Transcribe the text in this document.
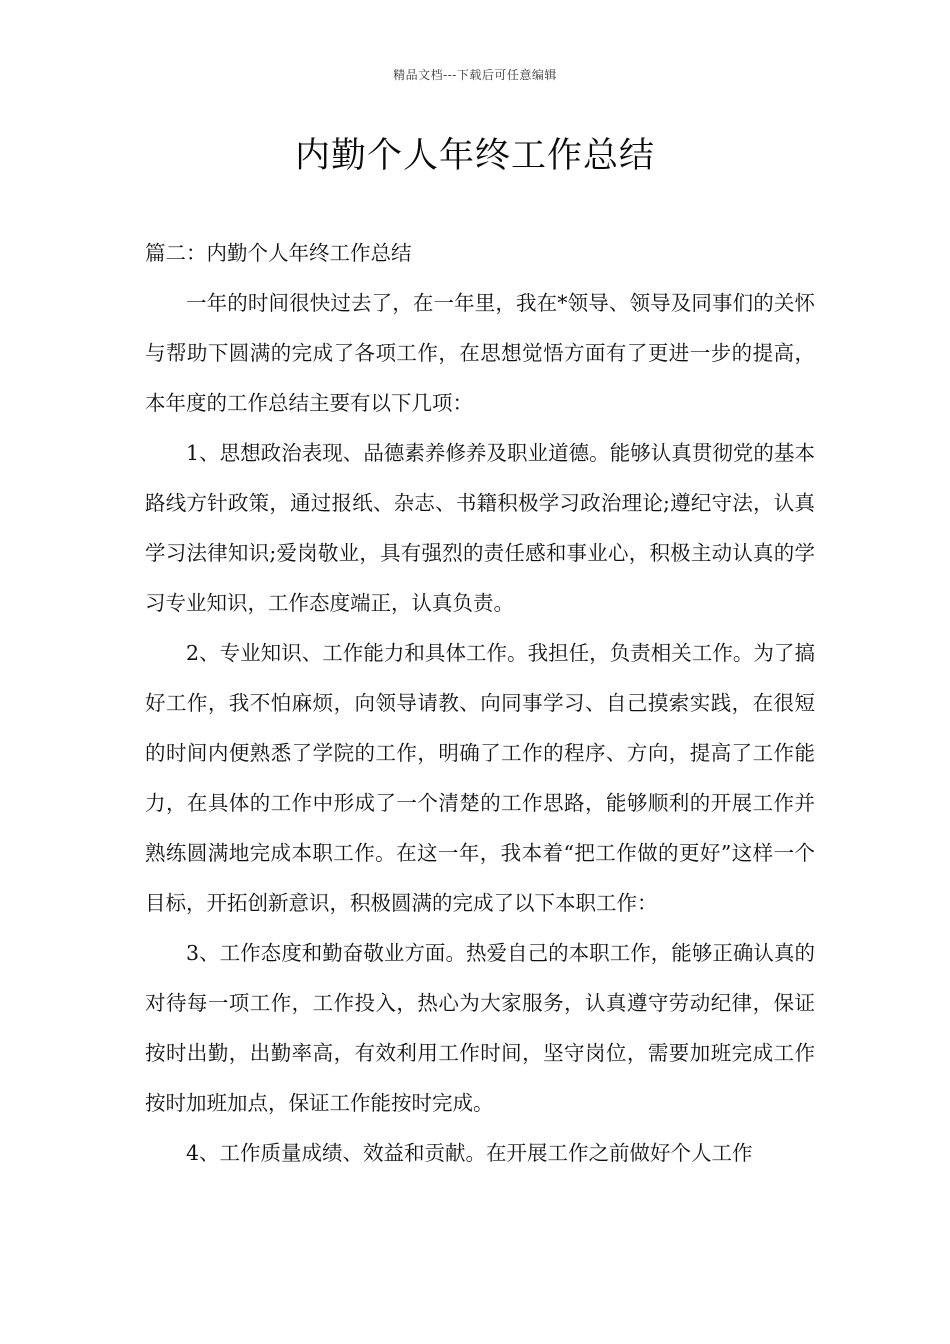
精品文档---下载后可任意编辑
内勤个人年终工作总结

篇二：内勤个人年终工作总结

一年的时间很快过去了，在一年里，我在*领导、领导及同事们的关怀与帮助下圆满的完成了各项工作，在思想觉悟方面有了更进一步的提高，本年度的工作总结主要有以下几项：

1、思想政治表现、品德素养修养及职业道德。能够认真贯彻党的基本路线方针政策，通过报纸、杂志、书籍积极学习政治理论;遵纪守法，认真学习法律知识;爱岗敬业，具有强烈的责任感和事业心，积极主动认真的学习专业知识，工作态度端正，认真负责。

2、专业知识、工作能力和具体工作。我担任，负责相关工作。为了搞好工作，我不怕麻烦，向领导请教、向同事学习、自己摸索实践，在很短的时间内便熟悉了学院的工作，明确了工作的程序、方向，提高了工作能力，在具体的工作中形成了一个清楚的工作思路，能够顺利的开展工作并熟练圆满地完成本职工作。在这一年，我本着“把工作做的更好”这样一个目标，开拓创新意识，积极圆满的完成了以下本职工作：

3、工作态度和勤奋敬业方面。热爱自己的本职工作，能够正确认真的对待每一项工作，工作投入，热心为大家服务，认真遵守劳动纪律，保证按时出勤，出勤率高，有效利用工作时间，坚守岗位，需要加班完成工作按时加班加点，保证工作能按时完成。

4、工作质量成绩、效益和贡献。在开展工作之前做好个人工作
